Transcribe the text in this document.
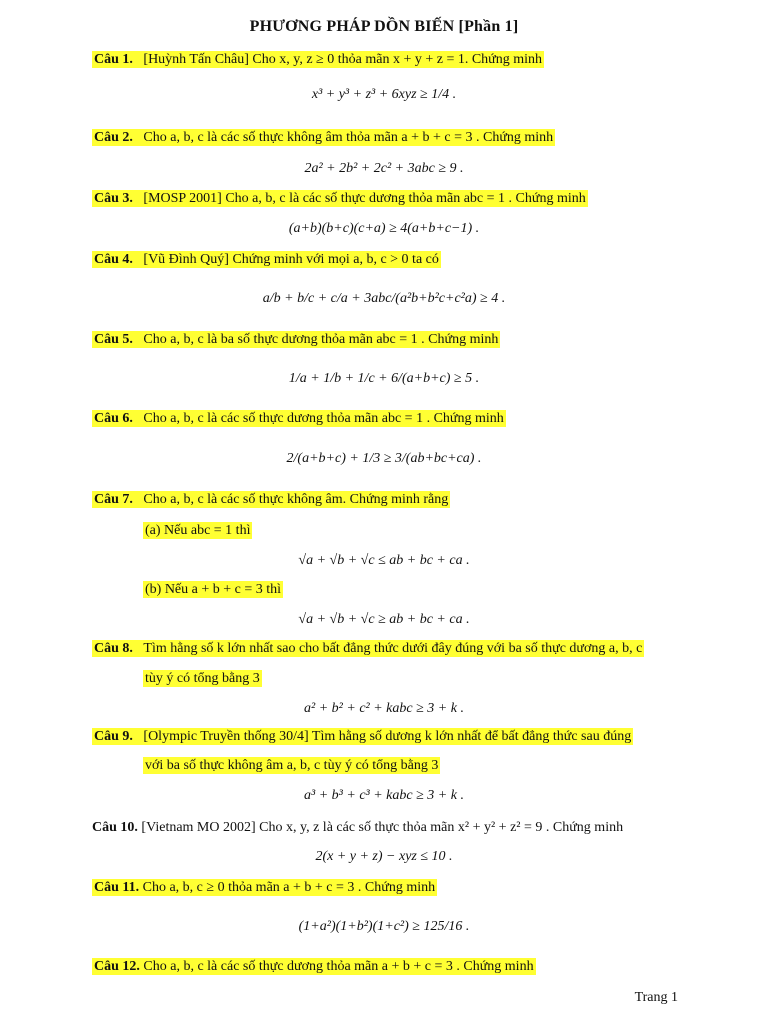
PHƯƠNG PHÁP DỒN BIẾN [Phần 1]
Câu 1. [Huỳnh Tấn Châu] Cho x, y, z ≥ 0 thỏa mãn x + y + z = 1. Chứng minh
x³ + y³ + z³ + 6xyz ≥ 1/4 .
Câu 2. Cho a, b, c là các số thực không âm thỏa mãn a + b + c = 3 . Chứng minh
2a² + 2b² + 2c² + 3abc ≥ 9 .
Câu 3. [MOSP 2001] Cho a, b, c là các số thực dương thỏa mãn abc = 1 . Chứng minh
(a+b)(b+c)(c+a) ≥ 4(a+b+c−1) .
Câu 4. [Vũ Đình Quý] Chứng minh với mọi a, b, c > 0 ta có
a/b + b/c + c/a + 3abc/(a²b+b²c+c²a) ≥ 4 .
Câu 5. Cho a, b, c là ba số thực dương thỏa mãn abc = 1 . Chứng minh
1/a + 1/b + 1/c + 6/(a+b+c) ≥ 5 .
Câu 6. Cho a, b, c là các số thực dương thỏa mãn abc = 1 . Chứng minh
2/(a+b+c) + 1/3 ≥ 3/(ab+bc+ca) .
Câu 7. Cho a, b, c là các số thực không âm. Chứng minh rằng
(a) Nếu abc = 1 thì
√a + √b + √c ≤ ab + bc + ca .
(b) Nếu a + b + c = 3 thì
√a + √b + √c ≥ ab + bc + ca .
Câu 8. Tìm hằng số k lớn nhất sao cho bất đẳng thức dưới đây đúng với ba số thực dương a, b, c
tùy ý có tổng bằng 3
a² + b² + c² + kabc ≥ 3 + k .
Câu 9. [Olympic Truyền thống 30/4] Tìm hằng số dương k lớn nhất để bất đẳng thức sau đúng
với ba số thực không âm a, b, c tùy ý có tổng bằng 3
a³ + b³ + c³ + kabc ≥ 3 + k .
Câu 10. [Vietnam MO 2002] Cho x, y, z là các số thực thỏa mãn x² + y² + z² = 9 . Chứng minh
2(x + y + z) − xyz ≤ 10 .
Câu 11. Cho a, b, c ≥ 0 thỏa mãn a + b + c = 3 . Chứng minh
(1+a²)(1+b²)(1+c²) ≥ 125/16 .
Câu 12. Cho a, b, c là các số thực dương thỏa mãn a + b + c = 3 . Chứng minh
Trang 1
